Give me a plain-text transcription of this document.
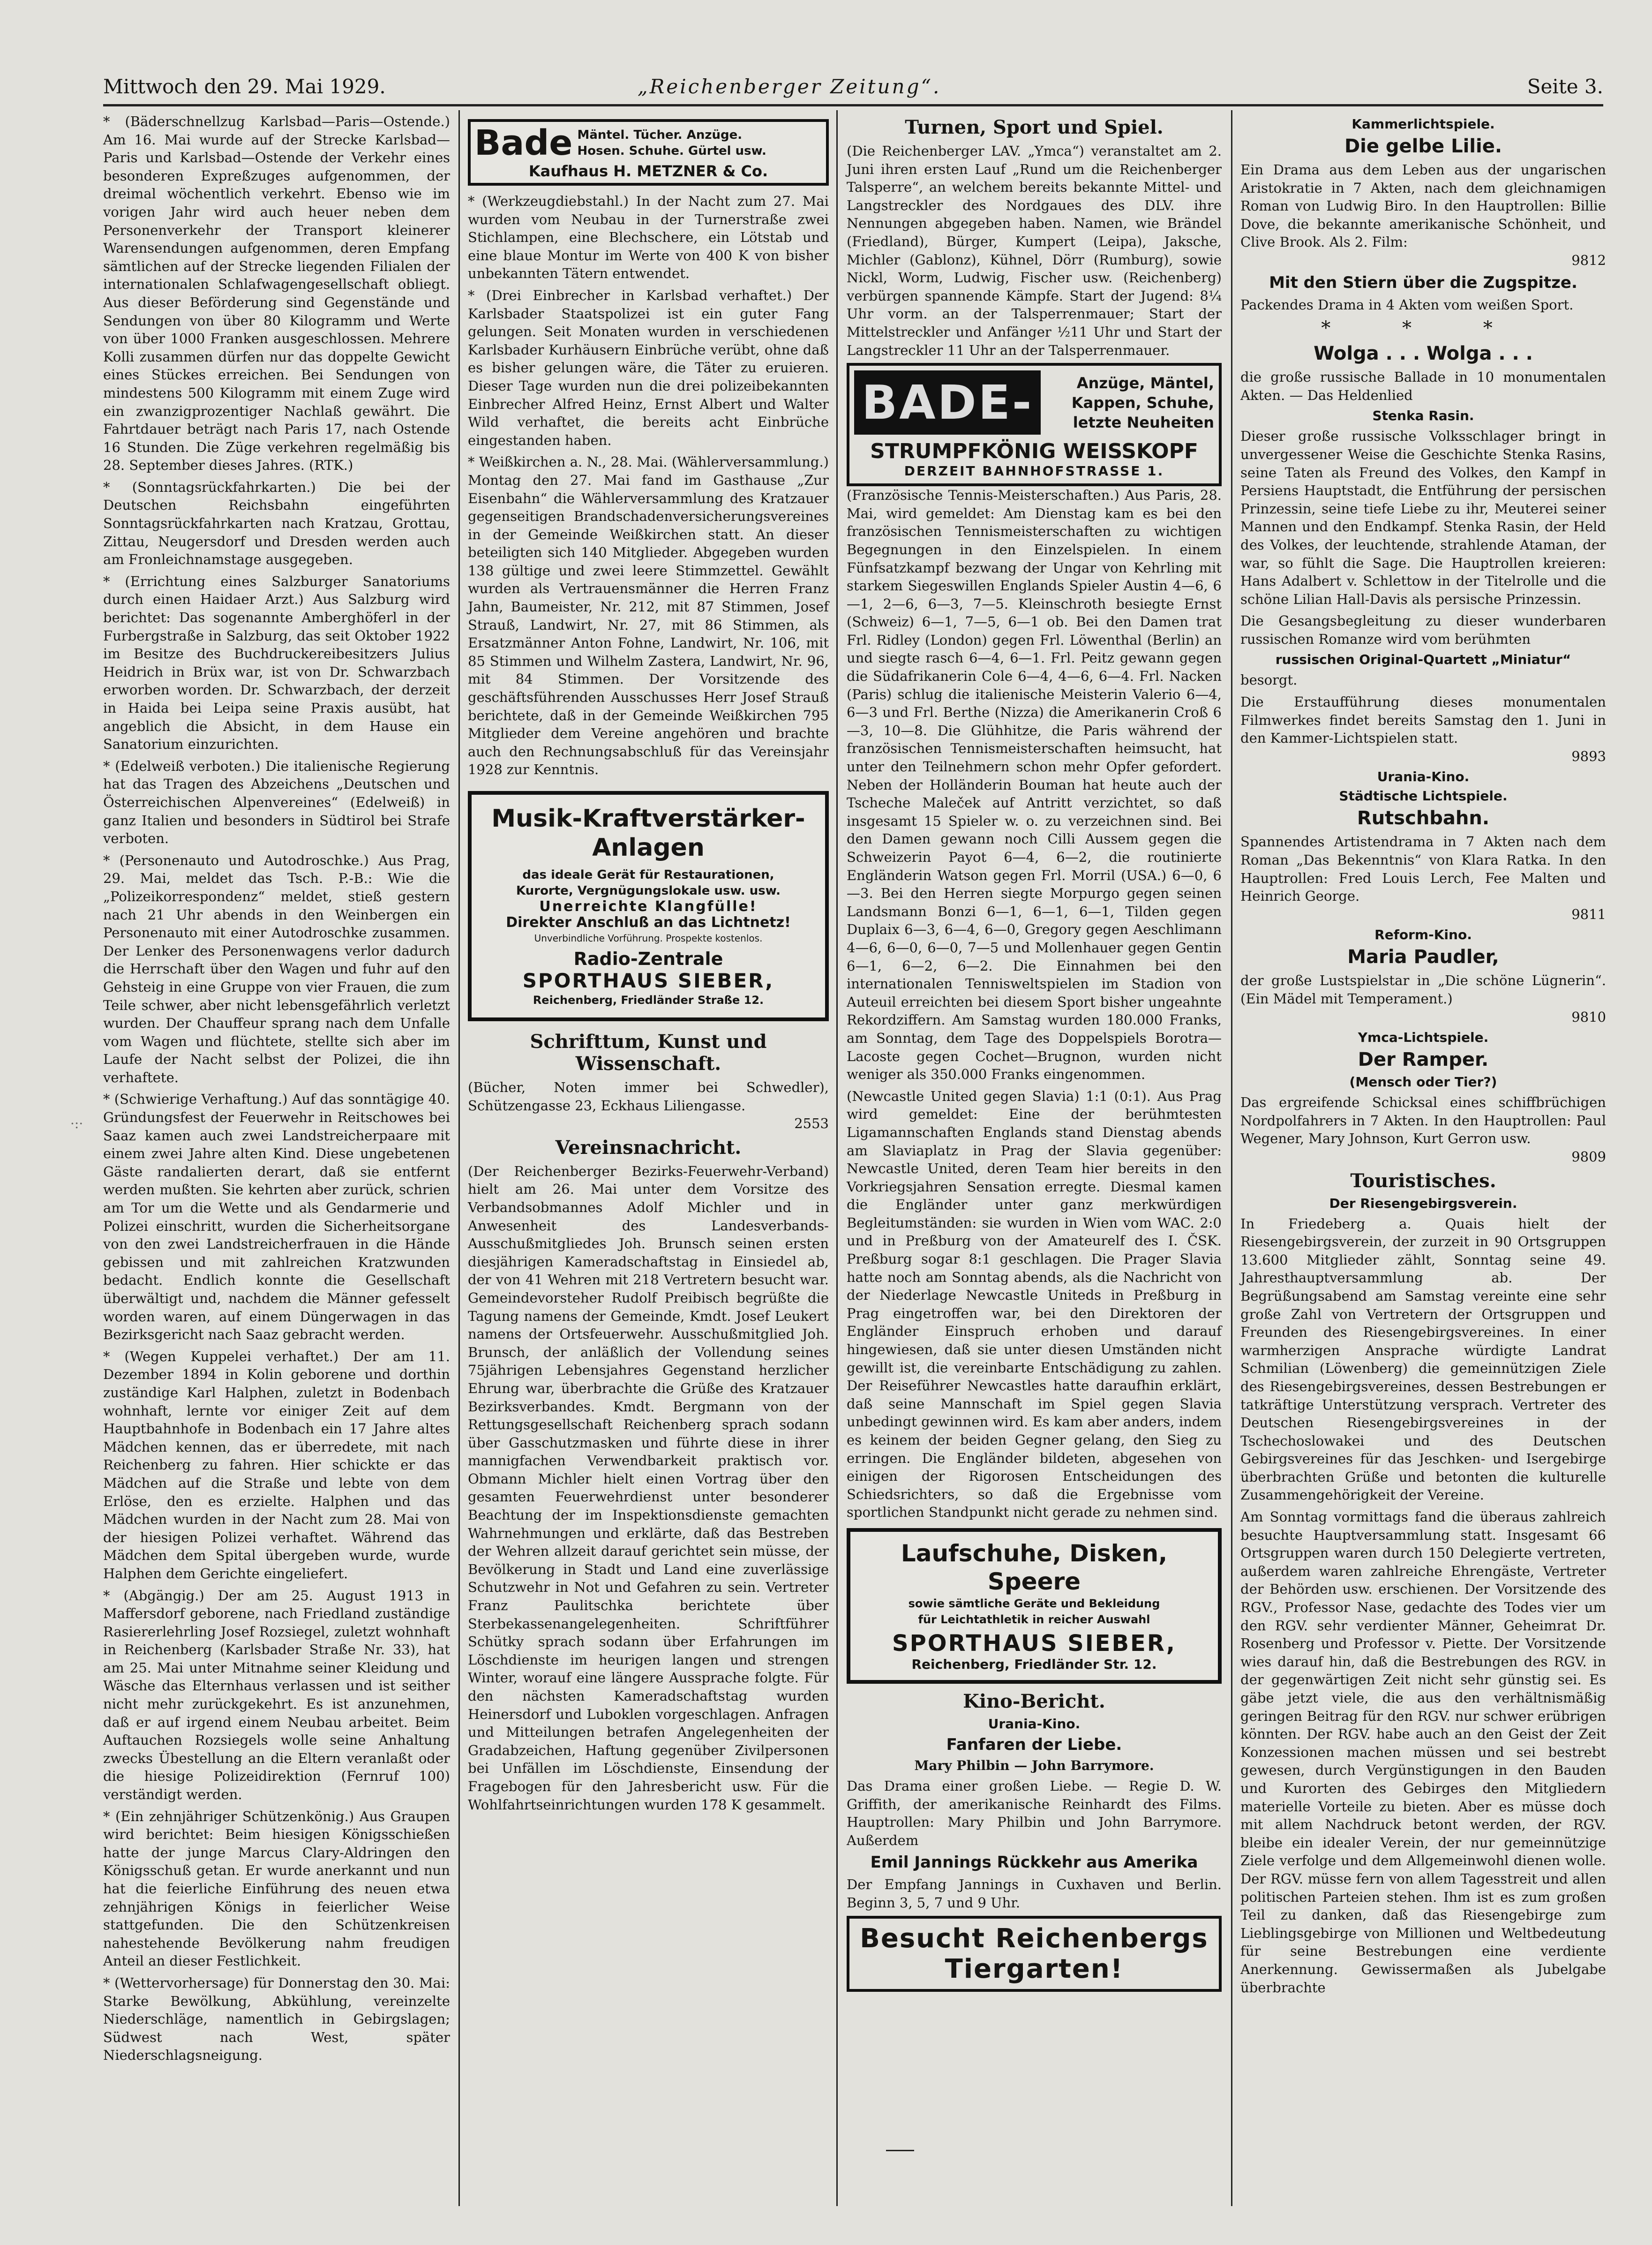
Mittwoch den 29. Mai 1929.	„Reichenberger Zeitung“.	Seite 3.
·:·

* (Bäderschnellzug Karlsbad—Paris—Ostende.) Am 16. Mai wurde auf der Strecke Karlsbad—Paris und Karlsbad—Ostende der Verkehr eines besonderen Expreßzuges aufgenommen, der dreimal wöchentlich verkehrt. Ebenso wie im vorigen Jahr wird auch heuer neben dem Personenverkehr der Transport kleinerer Warensendungen aufgenommen, deren Empfang sämtlichen auf der Strecke liegenden Filialen der internationalen Schlafwagengesellschaft obliegt. Aus dieser Beförderung sind Gegenstände und Sendungen von über 80 Kilogramm und Werte von über 1000 Franken ausgeschlossen. Mehrere Kolli zusammen dürfen nur das doppelte Gewicht eines Stückes erreichen. Bei Sendungen von mindestens 500 Kilogramm mit einem Zuge wird ein zwanzigprozentiger Nachlaß gewährt. Die Fahrtdauer beträgt nach Paris 17, nach Ostende 16 Stunden. Die Züge verkehren regelmäßig bis 28. September dieses Jahres. (RTK.)

* (Sonntagsrückfahrkarten.) Die bei der Deutschen Reichsbahn eingeführten Sonntagsrückfahrkarten nach Kratzau, Grottau, Zittau, Neugersdorf und Dresden werden auch am Fronleichnamstage ausgegeben.

* (Errichtung eines Salzburger Sanatoriums durch einen Haidaer Arzt.) Aus Salzburg wird berichtet: Das sogenannte Amberghöferl in der Furbergstraße in Salzburg, das seit Oktober 1922 im Besitze des Buchdruckereibesitzers Julius Heidrich in Brüx war, ist von Dr. Schwarzbach erworben worden. Dr. Schwarzbach, der derzeit in Haida bei Leipa seine Praxis ausübt, hat angeblich die Absicht, in dem Hause ein Sanatorium einzurichten.

* (Edelweiß verboten.) Die italienische Regierung hat das Tragen des Abzeichens „Deutschen und Österreichischen Alpenvereines“ (Edelweiß) in ganz Italien und besonders in Südtirol bei Strafe verboten.

* (Personenauto und Autodroschke.) Aus Prag, 29. Mai, meldet das Tsch. P.-B.: Wie die „Polizeikorrespondenz“ meldet, stieß gestern nach 21 Uhr abends in den Weinbergen ein Personenauto mit einer Autodroschke zusammen. Der Lenker des Personenwagens verlor dadurch die Herrschaft über den Wagen und fuhr auf den Gehsteig in eine Gruppe von vier Frauen, die zum Teile schwer, aber nicht lebensgefährlich verletzt wurden. Der Chauffeur sprang nach dem Unfalle vom Wagen und flüchtete, stellte sich aber im Laufe der Nacht selbst der Polizei, die ihn verhaftete.

* (Schwierige Verhaftung.) Auf das sonntägige 40. Gründungsfest der Feuerwehr in Reitschowes bei Saaz kamen auch zwei Landstreicherpaare mit einem zwei Jahre alten Kind. Diese ungebetenen Gäste randalierten derart, daß sie entfernt werden mußten. Sie kehrten aber zurück, schrien am Tor um die Wette und als Gendarmerie und Polizei einschritt, wurden die Sicherheitsorgane von den zwei Landstreicherfrauen in die Hände gebissen und mit zahlreichen Kratzwunden bedacht. Endlich konnte die Gesellschaft überwältigt und, nachdem die Männer gefesselt worden waren, auf einem Düngerwagen in das Bezirksgericht nach Saaz gebracht werden.

* (Wegen Kuppelei verhaftet.) Der am 11. Dezember 1894 in Kolin geborene und dorthin zuständige Karl Halphen, zuletzt in Bodenbach wohnhaft, lernte vor einiger Zeit auf dem Hauptbahnhofe in Bodenbach ein 17 Jahre altes Mädchen kennen, das er überredete, mit nach Reichenberg zu fahren. Hier schickte er das Mädchen auf die Straße und lebte von dem Erlöse, den es erzielte. Halphen und das Mädchen wurden in der Nacht zum 28. Mai von der hiesigen Polizei verhaftet. Während das Mädchen dem Spital übergeben wurde, wurde Halphen dem Gerichte eingeliefert.

* (Abgängig.) Der am 25. August 1913 in Maffersdorf geborene, nach Friedland zuständige Rasiererlehrling Josef Rozsiegel, zuletzt wohnhaft in Reichenberg (Karlsbader Straße Nr. 33), hat am 25. Mai unter Mitnahme seiner Kleidung und Wäsche das Elternhaus verlassen und ist seither nicht mehr zurückgekehrt. Es ist anzunehmen, daß er auf irgend einem Neubau arbeitet. Beim Auftauchen Rozsiegels wolle seine Anhaltung zwecks Übestellung an die Eltern veranlaßt oder die hiesige Polizeidirektion (Fernruf 100) verständigt werden.

* (Ein zehnjähriger Schützenkönig.) Aus Graupen wird berichtet: Beim hiesigen Königsschießen hatte der junge Marcus Clary-Aldringen den Königsschuß getan. Er wurde anerkannt und nun hat die feierliche Einführung des neuen etwa zehnjährigen Königs in feierlicher Weise stattgefunden. Die den Schützenkreisen nahestehende Bevölkerung nahm freudigen Anteil an dieser Festlichkeit.

* (Wettervorhersage) für Donnerstag den 30. Mai: Starke Bewölkung, Abkühlung, vereinzelte Niederschläge, namentlich in Gebirgslagen; Südwest nach West, später Niederschlagsneigung.

Bade Mäntel. Tücher. Anzüge.
Hosen. Schuhe. Gürtel usw.
Kaufhaus H. METZNER & Co.

* (Werkzeugdiebstahl.) In der Nacht zum 27. Mai wurden vom Neubau in der Turnerstraße zwei Stichlampen, eine Blechschere, ein Lötstab und eine blaue Montur im Werte von 400 K von bisher unbekannten Tätern entwendet.

* (Drei Einbrecher in Karlsbad verhaftet.) Der Karlsbader Staatspolizei ist ein guter Fang gelungen. Seit Monaten wurden in verschiedenen Karlsbader Kurhäusern Einbrüche verübt, ohne daß es bisher gelungen wäre, die Täter zu eruieren. Dieser Tage wurden nun die drei polizeibekannten Einbrecher Alfred Heinz, Ernst Albert und Walter Wild verhaftet, die bereits acht Einbrüche eingestanden haben.

* Weißkirchen a. N., 28. Mai. (Wählerversammlung.) Montag den 27. Mai fand im Gasthause „Zur Eisenbahn“ die Wählerversammlung des Kratzauer gegenseitigen Brandschadenversicherungsvereines in der Gemeinde Weißkirchen statt. An dieser beteiligten sich 140 Mitglieder. Abgegeben wurden 138 gültige und zwei leere Stimmzettel. Gewählt wurden als Vertrauensmänner die Herren Franz Jahn, Baumeister, Nr. 212, mit 87 Stimmen, Josef Strauß, Landwirt, Nr. 27, mit 86 Stimmen, als Ersatzmänner Anton Fohne, Landwirt, Nr. 106, mit 85 Stimmen und Wilhelm Zastera, Landwirt, Nr. 96, mit 84 Stimmen. Der Vorsitzende des geschäftsführenden Ausschusses Herr Josef Strauß berichtete, daß in der Gemeinde Weißkirchen 795 Mitglieder dem Vereine angehören und brachte auch den Rechnungsabschluß für das Vereinsjahr 1928 zur Kenntnis.

Musik-Kraftverstärker-
Anlagen
das ideale Gerät für Restaurationen,
Kurorte, Vergnügungslokale usw. usw.
Unerreichte Klangfülle!
Direkter Anschluß an das Lichtnetz!
Unverbindliche Vorführung. Prospekte kostenlos.
Radio-Zentrale
SPORTHAUS SIEBER,
Reichenberg, Friedländer Straße 12.
Schrifttum, Kunst und Wissenschaft.

(Bücher, Noten immer bei Schwedler), Schützengasse 23, Eckhaus Liliengasse.

2553

Vereinsnachricht.

(Der Reichenberger Bezirks-Feuerwehr-Verband) hielt am 26. Mai unter dem Vorsitze des Verbandsobmannes Adolf Michler und in Anwesenheit des Landesverbands-Ausschußmitgliedes Joh. Brunsch seinen ersten diesjährigen Kameradschaftstag in Einsiedel ab, der von 41 Wehren mit 218 Vertretern besucht war. Gemeindevorsteher Rudolf Preibisch begrüßte die Tagung namens der Gemeinde, Kmdt. Josef Leukert namens der Ortsfeuerwehr. Ausschußmitglied Joh. Brunsch, der anläßlich der Vollendung seines 75jährigen Lebensjahres Gegenstand herzlicher Ehrung war, überbrachte die Grüße des Kratzauer Bezirksverbandes. Kmdt. Bergmann von der Rettungsgesellschaft Reichenberg sprach sodann über Gasschutzmasken und führte diese in ihrer mannigfachen Verwendbarkeit praktisch vor. Obmann Michler hielt einen Vortrag über den gesamten Feuerwehrdienst unter besonderer Beachtung der im Inspektionsdienste gemachten Wahrnehmungen und erklärte, daß das Bestreben der Wehren allzeit darauf gerichtet sein müsse, der Bevölkerung in Stadt und Land eine zuverlässige Schutzwehr in Not und Gefahren zu sein. Vertreter Franz Paulitschka berichtete über Sterbekassenangelegenheiten. Schriftführer Schütky sprach sodann über Erfahrungen im Löschdienste im heurigen langen und strengen Winter, worauf eine längere Aussprache folgte. Für den nächsten Kameradschaftstag wurden Heinersdorf und Luboklen vorgeschlagen. Anfragen und Mitteilungen betrafen Angelegenheiten der Gradabzeichen, Haftung gegenüber Zivilpersonen bei Unfällen im Löschdienste, Einsendung der Fragebogen für den Jahresbericht usw. Für die Wohlfahrtseinrichtungen wurden 178 K gesammelt.

Turnen, Sport und Spiel.

(Die Reichenberger LAV. „Ymca“) veranstaltet am 2. Juni ihren ersten Lauf „Rund um die Reichenberger Talsperre“, an welchem bereits bekannte Mittel- und Langstreckler des Nordgaues des DLV. ihre Nennungen abgegeben haben. Namen, wie Brändel (Friedland), Bürger, Kumpert (Leipa), Jaksche, Michler (Gablonz), Kühnel, Dörr (Rumburg), sowie Nickl, Worm, Ludwig, Fischer usw. (Reichenberg) verbürgen spannende Kämpfe. Start der Jugend: 8¼ Uhr vorm. an der Talsperrenmauer; Start der Mittelstreckler und Anfänger ½11 Uhr und Start der Langstreckler 11 Uhr an der Talsperrenmauer.

BADE-	Anzüge, Mäntel,
Kappen, Schuhe,
letzte Neuheiten
STRUMPFKÖNIG WEISSKOPF
DERZEIT BAHNHOFSTRASSE 1.

(Französische Tennis-Meisterschaften.) Aus Paris, 28. Mai, wird gemeldet: Am Dienstag kam es bei den französischen Tennismeisterschaften zu wichtigen Begegnungen in den Einzelspielen. In einem Fünfsatzkampf bezwang der Ungar von Kehrling mit starkem Siegeswillen Englands Spieler Austin 4—6, 6—1, 2—6, 6—3, 7—5. Kleinschroth besiegte Ernst (Schweiz) 6—1, 7—5, 6—1 ob. Bei den Damen trat Frl. Ridley (London) gegen Frl. Löwenthal (Berlin) an und siegte rasch 6—4, 6—1. Frl. Peitz gewann gegen die Südafrikanerin Cole 6—4, 4—6, 6—4. Frl. Nacken (Paris) schlug die italienische Meisterin Valerio 6—4, 6—3 und Frl. Berthe (Nizza) die Amerikanerin Croß 6—3, 10—8. Die Glühhitze, die Paris während der französischen Tennismeisterschaften heimsucht, hat unter den Teilnehmern schon mehr Opfer gefordert. Neben der Holländerin Bouman hat heute auch der Tscheche Maleček auf Antritt verzichtet, so daß insgesamt 15 Spieler w. o. zu verzeichnen sind. Bei den Damen gewann noch Cilli Aussem gegen die Schweizerin Payot 6—4, 6—2, die routinierte Engländerin Watson gegen Frl. Morril (USA.) 6—0, 6—3. Bei den Herren siegte Morpurgo gegen seinen Landsmann Bonzi 6—1, 6—1, 6—1, Tilden gegen Duplaix 6—3, 6—4, 6—0, Gregory gegen Aeschlimann 4—6, 6—0, 6—0, 7—5 und Mollenhauer gegen Gentin 6—1, 6—2, 6—2. Die Einnahmen bei den internationalen Tennisweltspielen im Stadion von Auteuil erreichten bei diesem Sport bisher ungeahnte Rekordziffern. Am Samstag wurden 180.000 Franks, am Sonntag, dem Tage des Doppelspiels Borotra—Lacoste gegen Cochet—Brugnon, wurden nicht weniger als 350.000 Franks eingenommen.

(Newcastle United gegen Slavia) 1:1 (0:1). Aus Prag wird gemeldet: Eine der berühmtesten Ligamannschaften Englands stand Dienstag abends am Slaviaplatz in Prag der Slavia gegenüber: Newcastle United, deren Team hier bereits in den Vorkriegsjahren Sensation erregte. Diesmal kamen die Engländer unter ganz merkwürdigen Begleitumständen: sie wurden in Wien vom WAC. 2:0 und in Preßburg von der Amateurelf des I. ČSK. Preßburg sogar 8:1 geschlagen. Die Prager Slavia hatte noch am Sonntag abends, als die Nachricht von der Niederlage Newcastle Uniteds in Preßburg in Prag eingetroffen war, bei den Direktoren der Engländer Einspruch erhoben und darauf hingewiesen, daß sie unter diesen Umständen nicht gewillt ist, die vereinbarte Entschädigung zu zahlen. Der Reiseführer Newcastles hatte daraufhin erklärt, daß seine Mannschaft im Spiel gegen Slavia unbedingt gewinnen wird. Es kam aber anders, indem es keinem der beiden Gegner gelang, den Sieg zu erringen. Die Engländer bildeten, abgesehen von einigen der Rigorosen Entscheidungen des Schiedsrichters, so daß die Ergebnisse vom sportlichen Standpunkt nicht gerade zu nehmen sind.

Laufschuhe, Disken, Speere
sowie sämtliche Geräte und Bekleidung
für Leichtathletik in reicher Auswahl
SPORTHAUS SIEBER,
Reichenberg, Friedländer Str. 12.
Kino-Bericht.
Urania-Kino.
Fanfaren der Liebe.
Mary Philbin — John Barrymore.

Das Drama einer großen Liebe. — Regie D. W. Griffith, der amerikanische Reinhardt des Films. Hauptrollen: Mary Philbin und John Barrymore. Außerdem

Emil Jannings Rückkehr aus Amerika

Der Empfang Jannings in Cuxhaven und Berlin. Beginn 3, 5, 7 und 9 Uhr.

Besucht Reichenbergs Tiergarten!
Kammerlichtspiele.
Die gelbe Lilie.

Ein Drama aus dem Leben aus der ungarischen Aristokratie in 7 Akten, nach dem gleichnamigen Roman von Ludwig Biro. In den Hauptrollen: Billie Dove, die bekannte amerikanische Schönheit, und Clive Brook. Als 2. Film:

9812

Mit den Stiern über die Zugspitze.

Packendes Drama in 4 Akten vom weißen Sport.

* * *
Wolga . . . Wolga . . .

die große russische Ballade in 10 monumentalen Akten. — Das Heldenlied

Stenka Rasin.

Dieser große russische Volksschlager bringt in unvergessener Weise die Geschichte Stenka Rasins, seine Taten als Freund des Volkes, den Kampf in Persiens Hauptstadt, die Entführung der persischen Prinzessin, seine tiefe Liebe zu ihr, Meuterei seiner Mannen und den Endkampf. Stenka Rasin, der Held des Volkes, der leuchtende, strahlende Ataman, der war, so fühlt die Sage. Die Hauptrollen kreieren: Hans Adalbert v. Schlettow in der Titelrolle und die schöne Lilian Hall-Davis als persische Prinzessin.

Die Gesangsbegleitung zu dieser wunderbaren russischen Romanze wird vom berühmten

russischen Original-Quartett „Miniatur“

besorgt.

Die Erstaufführung dieses monumentalen Filmwerkes findet bereits Samstag den 1. Juni in den Kammer-Lichtspielen statt.

9893

Urania-Kino.
Städtische Lichtspiele.
Rutschbahn.

Spannendes Artistendrama in 7 Akten nach dem Roman „Das Bekenntnis“ von Klara Ratka. In den Hauptrollen: Fred Louis Lerch, Fee Malten und Heinrich George.

9811

Reform-Kino.
Maria Paudler,

der große Lustspielstar in „Die schöne Lügnerin“. (Ein Mädel mit Temperament.)

9810

Ymca-Lichtspiele.
Der Ramper.
(Mensch oder Tier?)

Das ergreifende Schicksal eines schiffbrüchigen Nordpolfahrers in 7 Akten. In den Hauptrollen: Paul Wegener, Mary Johnson, Kurt Gerron usw.

9809

Touristisches.
Der Riesengebirgsverein.

In Friedeberg a. Quais hielt der Riesengebirgsverein, der zurzeit in 90 Ortsgruppen 13.600 Mitglieder zählt, Sonntag seine 49. Jahresthauptversammlung ab. Der Begrüßungsabend am Samstag vereinte eine sehr große Zahl von Vertretern der Ortsgruppen und Freunden des Riesengebirgsvereines. In einer warmherzigen Ansprache würdigte Landrat Schmilian (Löwenberg) die gemeinnützigen Ziele des Riesengebirgsvereines, dessen Bestrebungen er tatkräftige Unterstützung versprach. Vertreter des Deutschen Riesengebirgsvereines in der Tschechoslowakei und des Deutschen Gebirgsvereines für das Jeschken- und Isergebirge überbrachten Grüße und betonten die kulturelle Zusammengehörigkeit der Vereine.

Am Sonntag vormittags fand die überaus zahlreich besuchte Hauptversammlung statt. Insgesamt 66 Ortsgruppen waren durch 150 Delegierte vertreten, außerdem waren zahlreiche Ehrengäste, Vertreter der Behörden usw. erschienen. Der Vorsitzende des RGV., Professor Nase, gedachte des Todes vier um den RGV. sehr verdienter Männer, Geheimrat Dr. Rosenberg und Professor v. Piette. Der Vorsitzende wies darauf hin, daß die Bestrebungen des RGV. in der gegenwärtigen Zeit nicht sehr günstig sei. Es gäbe jetzt viele, die aus den verhältnismäßig geringen Beitrag für den RGV. nur schwer erübrigen könnten. Der RGV. habe auch an den Geist der Zeit Konzessionen machen müssen und sei bestrebt gewesen, durch Vergünstigungen in den Bauden und Kurorten des Gebirges den Mitgliedern materielle Vorteile zu bieten. Aber es müsse doch mit allem Nachdruck betont werden, der RGV. bleibe ein idealer Verein, der nur gemeinnützige Ziele verfolge und dem Allgemeinwohl dienen wolle. Der RGV. müsse fern von allem Tagesstreit und allen politischen Parteien stehen. Ihm ist es zum großen Teil zu danken, daß das Riesengebirge zum Lieblingsgebirge von Millionen und Weltbedeutung für seine Bestrebungen eine verdiente Anerkennung. Gewissermaßen als Jubelgabe überbrachte
